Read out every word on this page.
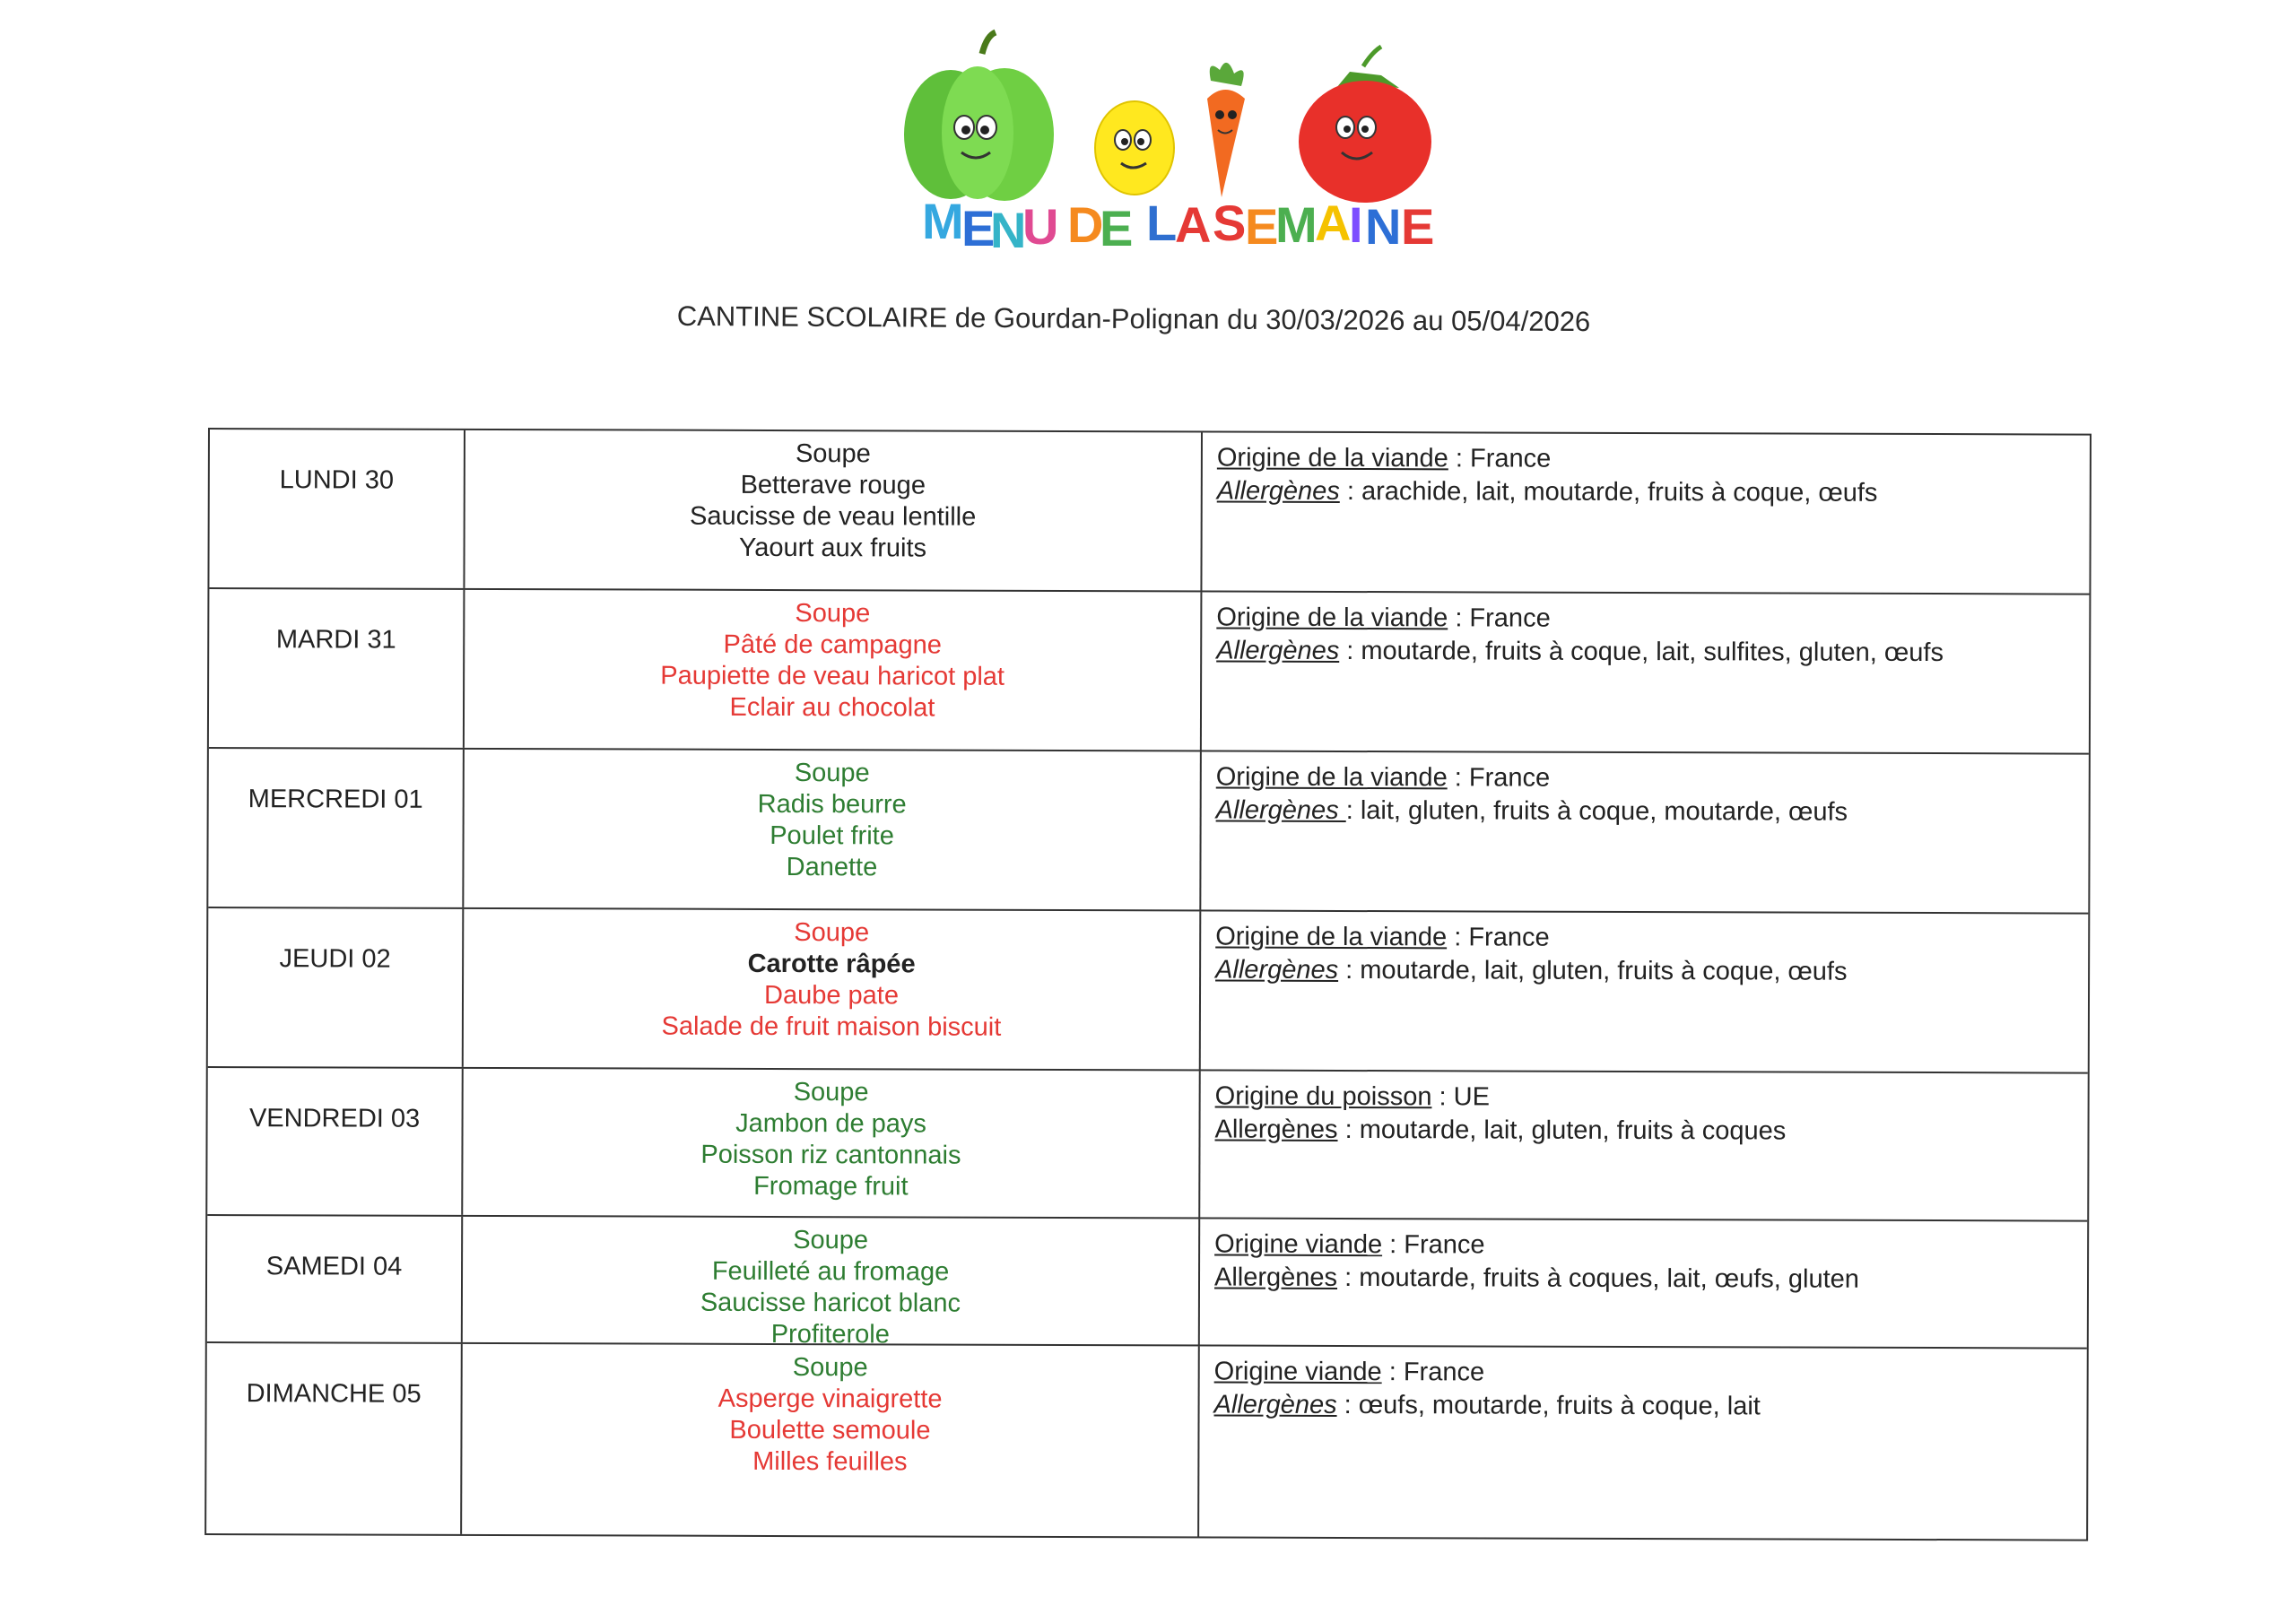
M
E
N
U D
E L
A S
E
M
A
I N E
CANTINE SCOLAIRE de Gourdan-Polignan du 30/03/2026 au 05/04/2026
LUNDI 30
Soupe
Betterave rouge
Saucisse de veau lentille
Yaourt aux fruits
Origine de la viande : France
Allergènes : arachide, lait, moutarde, fruits à coque, œufs
MARDI 31
Soupe
Pâté de campagne
Paupiette de veau haricot plat
Eclair au chocolat
Origine de la viande : France
Allergènes : moutarde, fruits à coque, lait, sulfites, gluten, œufs
MERCREDI 01
Soupe
Radis beurre
Poulet frite
Danette
Origine de la viande : France
Allergènes : lait, gluten, fruits à coque, moutarde, œufs
JEUDI 02
Soupe
Carotte râpée
Daube pate
Salade de fruit maison biscuit
Origine de la viande : France
Allergènes : moutarde, lait, gluten, fruits à coque, œufs
VENDREDI 03
Soupe
Jambon de pays
Poisson riz cantonnais
Fromage fruit
Origine du poisson : UE
Allergènes : moutarde, lait, gluten, fruits à coques
SAMEDI 04
Soupe
Feuilleté au fromage
Saucisse haricot blanc
Profiterole
Origine viande : France
Allergènes : moutarde, fruits à coques, lait, œufs, gluten
DIMANCHE 05
Soupe
Asperge vinaigrette
Boulette semoule
Milles feuilles
Origine viande : France
Allergènes : œufs, moutarde, fruits à coque, lait
